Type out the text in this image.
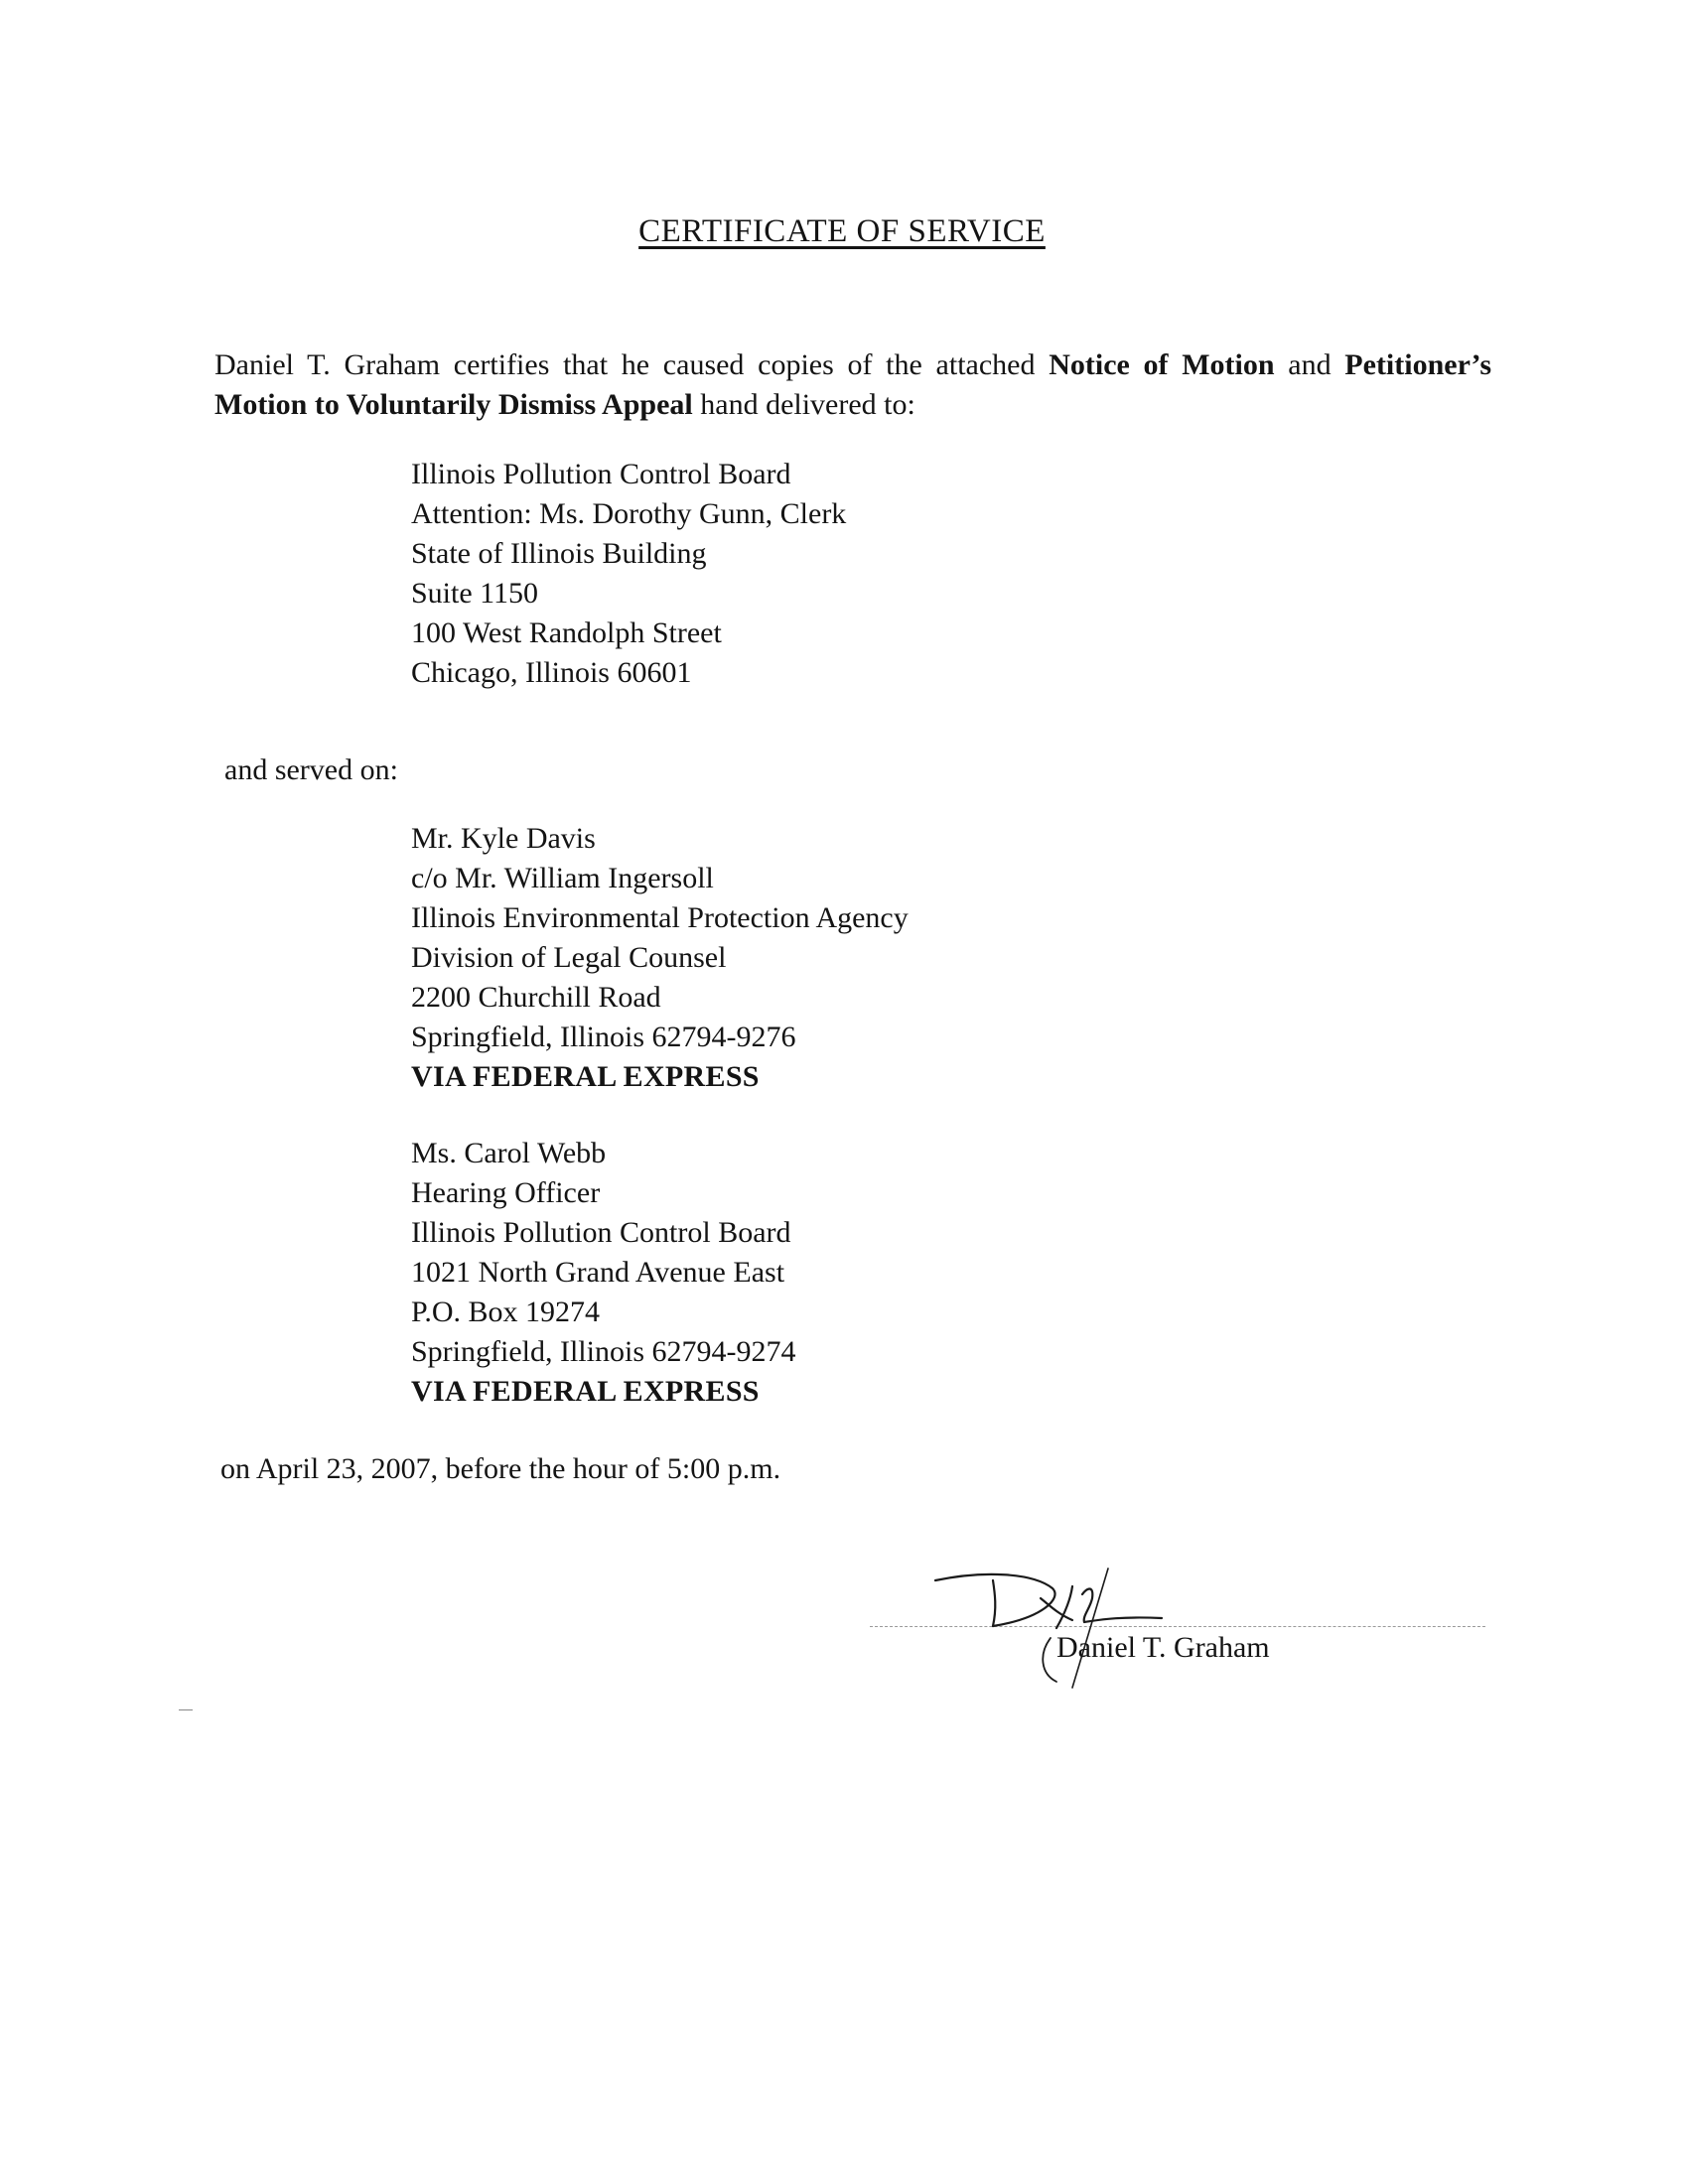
CERTIFICATE OF SERVICE

Daniel T. Graham certifies that he caused copies of the attached Notice of Motion and Petitioner’s Motion to Voluntarily Dismiss Appeal hand delivered to:

Illinois Pollution Control Board
Attention: Ms. Dorothy Gunn, Clerk
State of Illinois Building
Suite 1150
100 West Randolph Street
Chicago, Illinois 60601
and served on:
Mr. Kyle Davis
c/o Mr. William Ingersoll
Illinois Environmental Protection Agency
Division of Legal Counsel
2200 Churchill Road
Springfield, Illinois 62794-9276
VIA FEDERAL EXPRESS
Ms. Carol Webb
Hearing Officer
Illinois Pollution Control Board
1021 North Grand Avenue East
P.O. Box 19274
Springfield, Illinois 62794-9274
VIA FEDERAL EXPRESS
on April 23, 2007, before the hour of 5:00 p.m.
Daniel T. Graham
